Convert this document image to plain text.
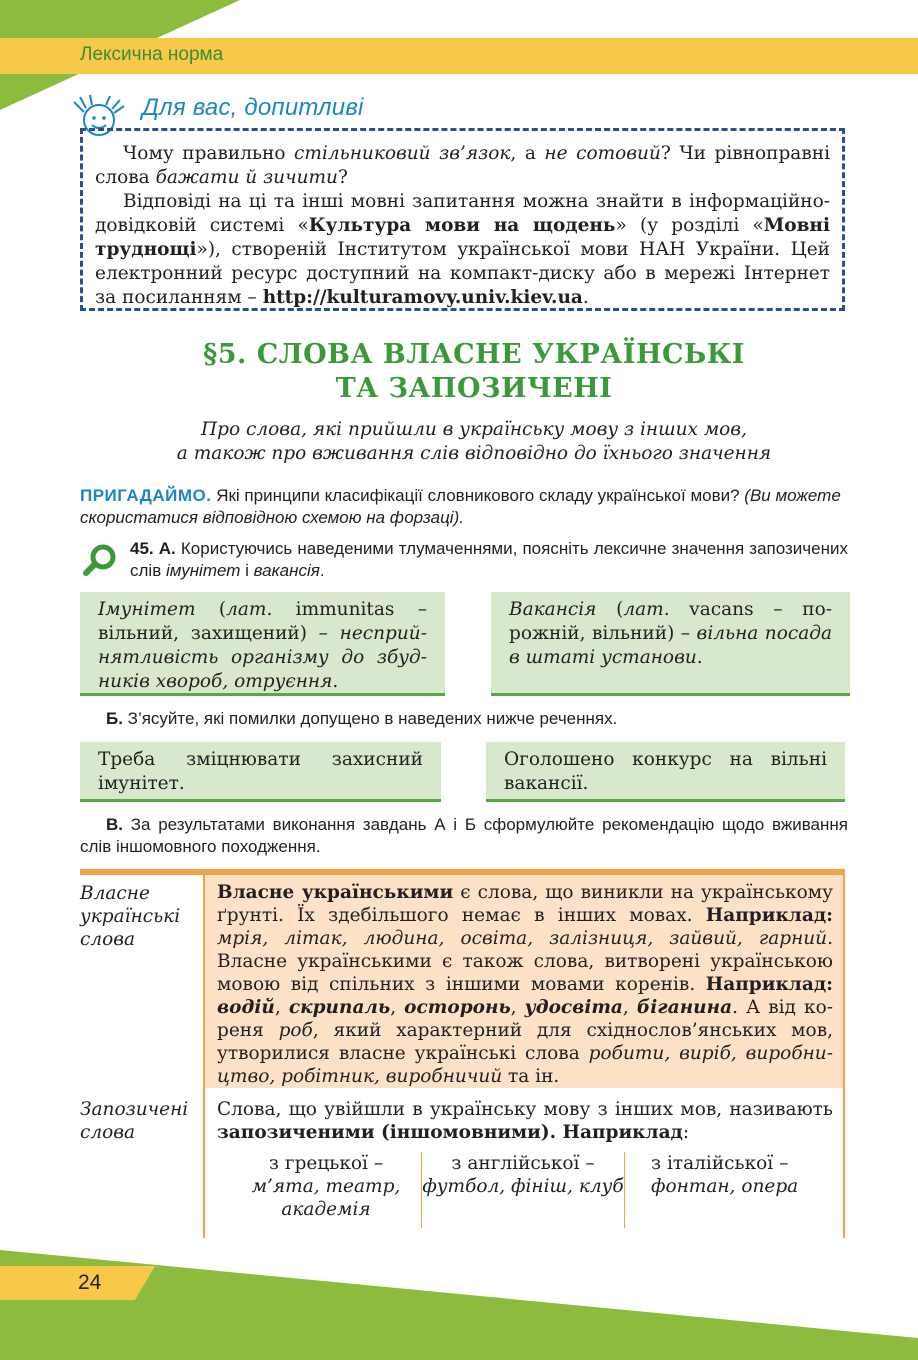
Лексична норма
Для вас, допитливі

Чому правильно стільниковий зв’язок, а не сотовий? Чи рівноправні слова бажати й зичити?

Відповіді на ці та інші мовні запитання можна знайти в інформаційно-довідковій системі «Культура мови на щодень» (у розділі «Мовні труднощі»), створеній Інститутом української мови НАН України. Цей електронний ресурс доступний на компакт-диску або в мережі Інтернет за посиланням – http://kulturamovy.univ.kiev.ua.

§5. СЛОВА ВЛАСНЕ УКРАЇНСЬКІ
ТА ЗАПОЗИЧЕНІ
Про слова, які прийшли в українську мову з інших мов,
а також про вживання слів відповідно до їхнього значення
ПРИГАДАЙМО. Які принципи класифікації словникового складу української мови? (Ви можете скористатися відповідною схемою на форзаці).
45. А. Користуючись наведеними тлумаченнями, поясніть лексичне значення запозичених слів імунітет і вакансія.
Імунітет (лат. immunitas – вільний, захищений) – несприйнятливість організму до збудників хвороб, отруєння.
Вакансія (лат. vacans – порожній, вільний) – вільна посада в штаті установи.
Б. З’ясуйте, які помилки допущено в наведених нижче реченнях.
Треба зміцнювати захисний імунітет.
Оголошено конкурс на вільні вакансії.
В. За результатами виконання завдань А і Б сформулюйте рекомендацію щодо вживання слів іншомовного походження.
Власне українські слова
Власне українськими є слова, що виникли на українському ґрунті. Їх здебільшого немає в інших мовах. Наприклад: мрія, літак, людина, освіта, залізниця, зайвий, гарний. Власне українськими є також слова, витворені українською мовою від спільних з іншими мовами коренів. Наприклад: водій, скрипаль, осторонь, удосвіта, біганина. А від кореня роб, який характерний для східнослов’янських мов, утворилися власне українські слова робити, виріб, виробництво, робітник, виробничий та ін.
Запозичені слова
Слова, що увійшли в українську мову з інших мов, називають запозиченими (іншомовними). Наприклад:
з грецької –
м’ята, театр, академія
з англійської –
футбол, фініш, клуб
з італійської –
фонтан, опера
24
